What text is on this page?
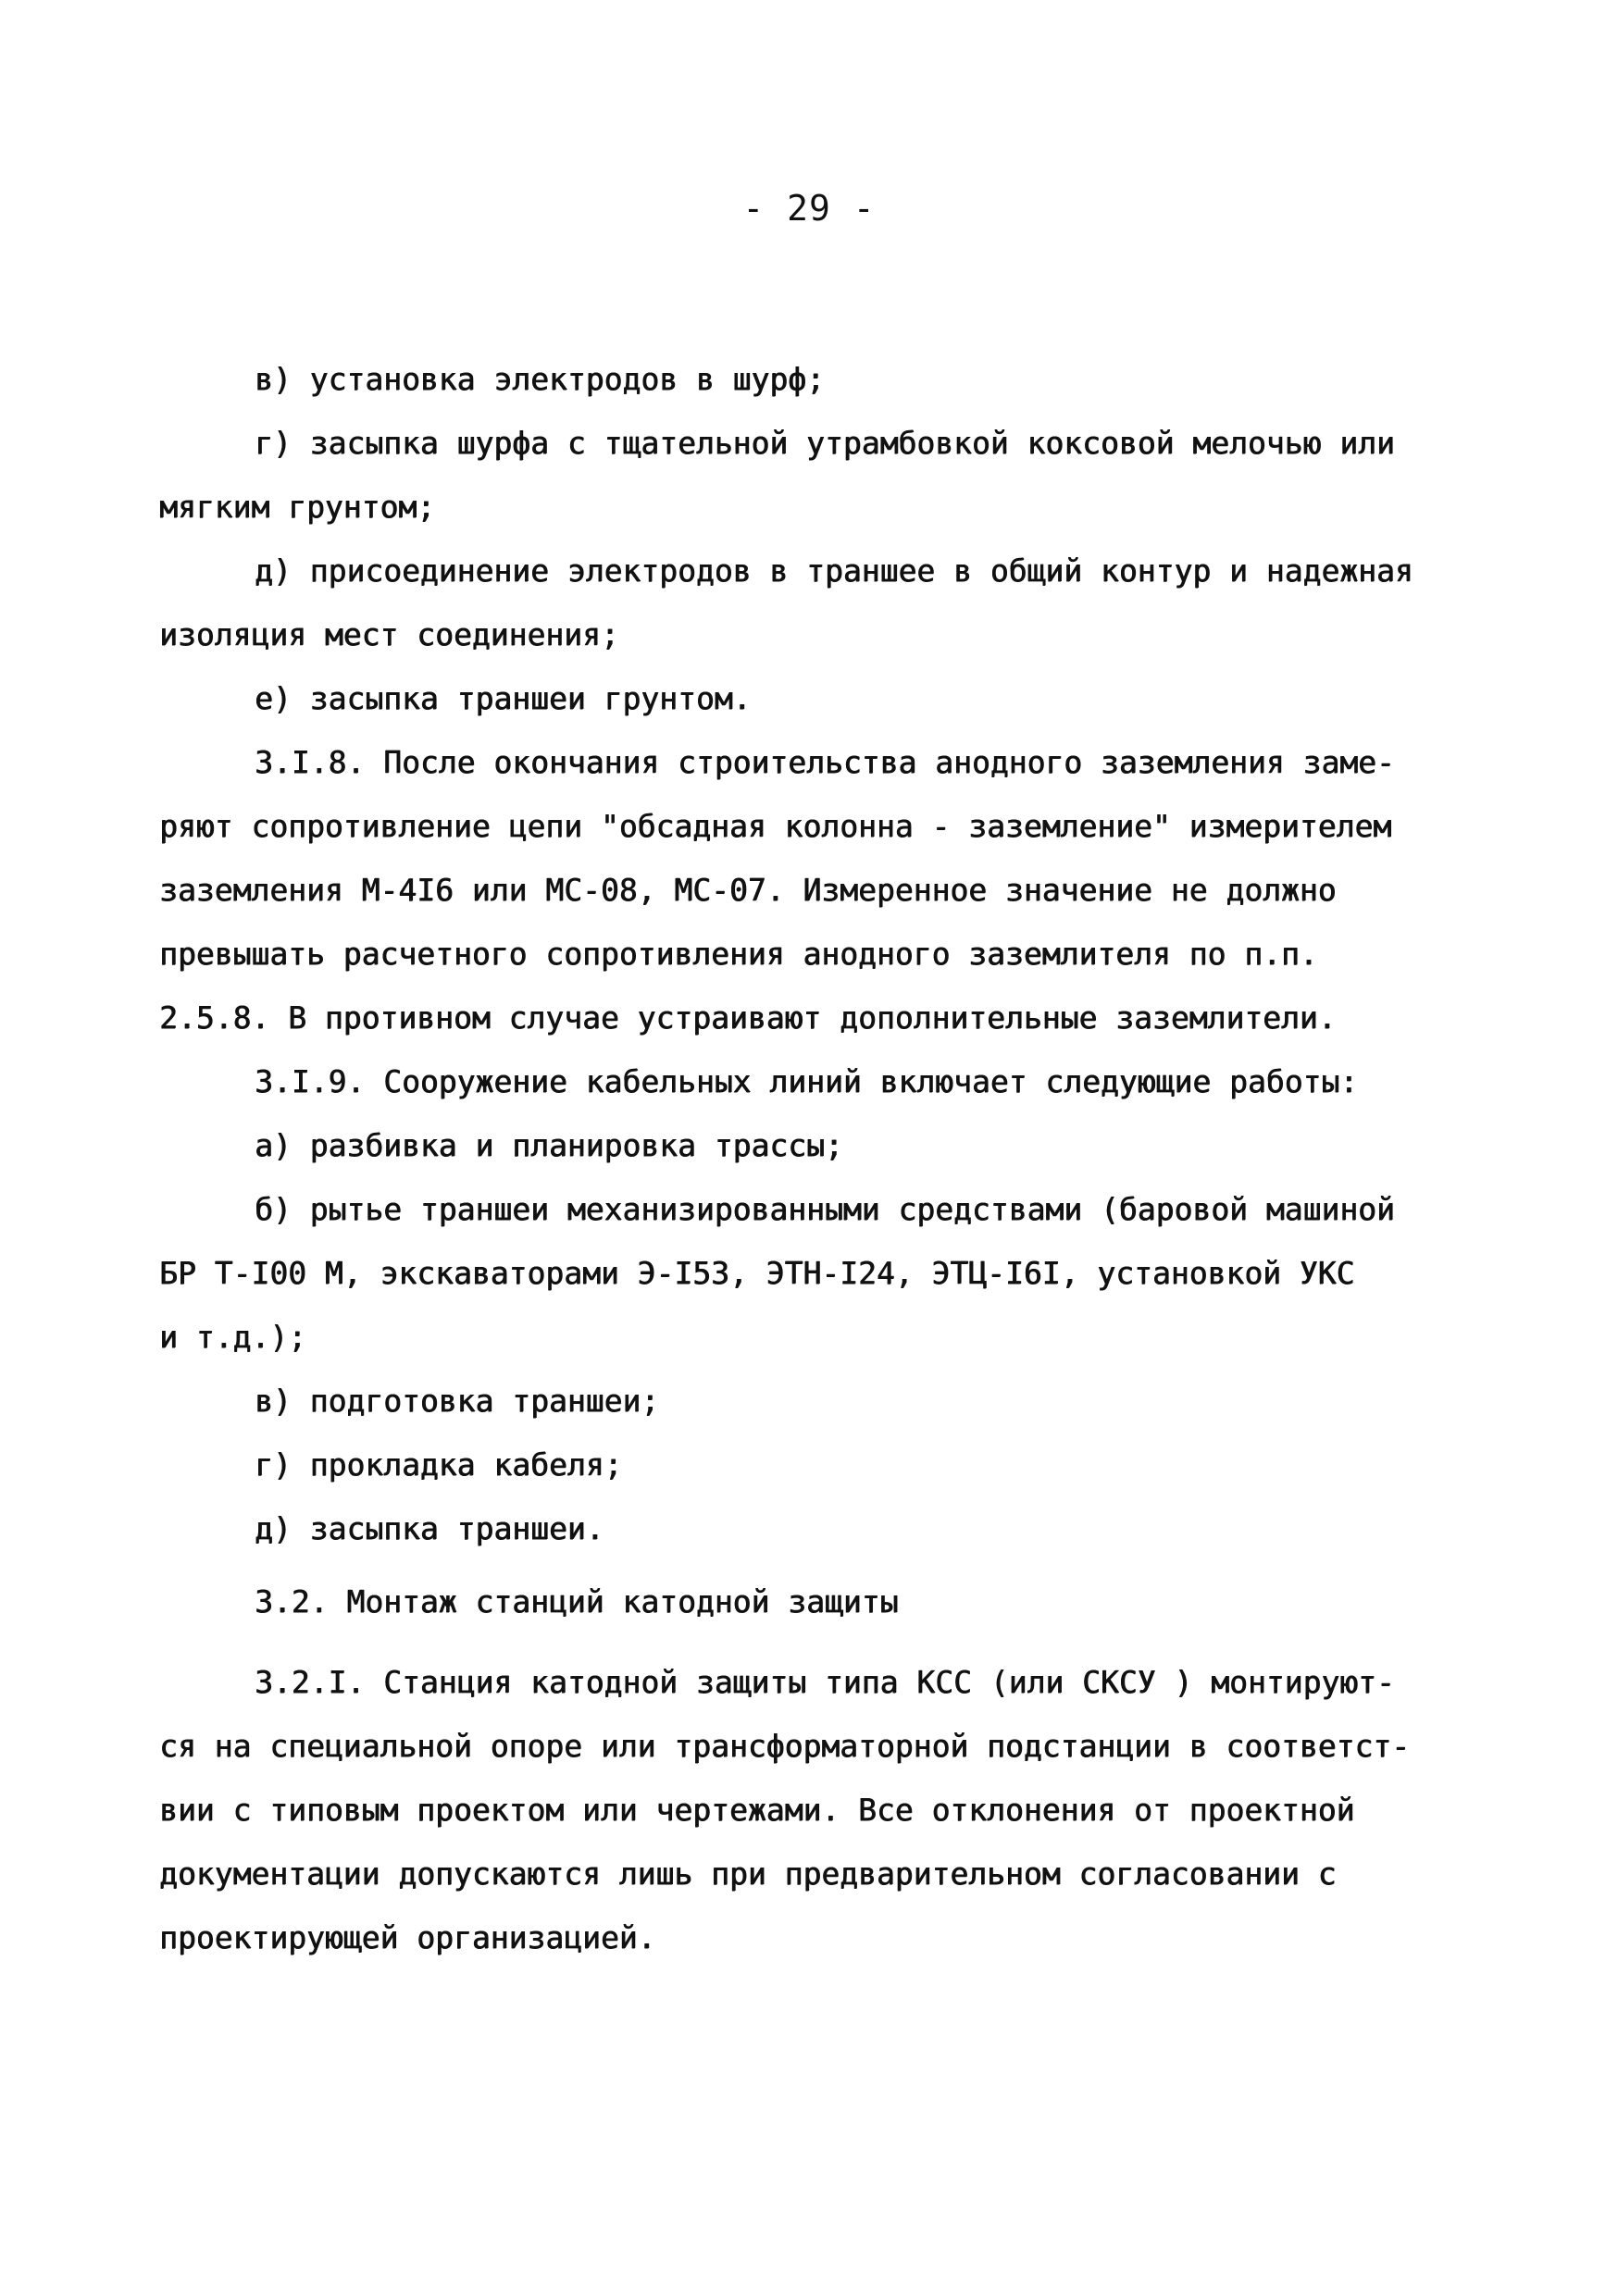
- 29 -
в) установка электродов в шурф;
г) засыпка шурфа с тщательной утрамбовкой коксовой мелочью или
мягким грунтом;
д) присоединение электродов в траншее в общий контур и надежная
изоляция мест соединения;
е) засыпка траншеи грунтом.
3.I.8. После окончания строительства анодного заземления заме-
ряют сопротивление цепи "обсадная колонна - заземление" измерителем
заземления М-4I6 или МС-08, МС-07. Измеренное значение не должно
превышать расчетного сопротивления анодного заземлителя по п.п.
2.5.8. В противном случае устраивают дополнительные заземлители.
3.I.9. Сооружение кабельных линий включает следующие работы:
а) разбивка и планировка трассы;
б) рытье траншеи механизированными средствами (баровой машиной
БР Т-I00 М, экскаваторами Э-I53, ЭТН-I24, ЭТЦ-I6I, установкой УКС
и т.д.);
в) подготовка траншеи;
г) прокладка кабеля;
д) засыпка траншеи.
3.2. Монтаж станций катодной защиты
3.2.I. Станция катодной защиты типа КСС (или СКСУ ) монтируют-
ся на специальной опоре или трансформаторной подстанции в соответст-
вии с типовым проектом или чертежами. Все отклонения от проектной
документации допускаются лишь при предварительном согласовании с
проектирующей организацией.
